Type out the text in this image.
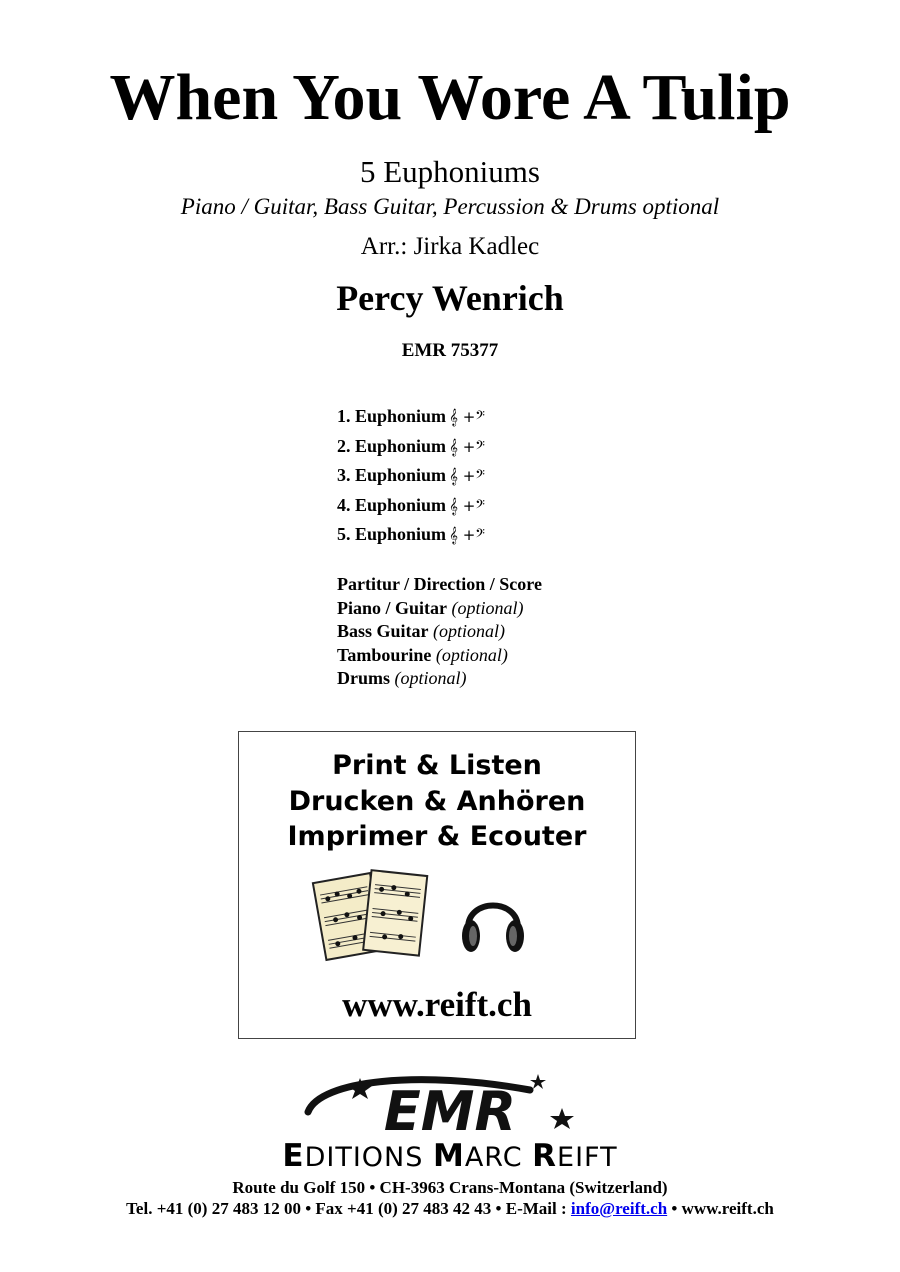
When You Wore A Tulip
5 Euphoniums
Piano / Guitar, Bass Guitar, Percussion & Drums optional
Arr.: Jirka Kadlec
Percy Wenrich
EMR 75377
1. Euphonium 𝄞 +𝄢
2. Euphonium 𝄞 +𝄢
3. Euphonium 𝄞 +𝄢
4. Euphonium 𝄞 +𝄢
5. Euphonium 𝄞 +𝄢
Partitur / Direction / Score
Piano / Guitar (optional)
Bass Guitar (optional)
Tambourine (optional)
Drums (optional)
Print & Listen
Drucken & Anhören
Imprimer & Ecouter
www.reift.ch
EMR
EDITIONS MARC REIFT
Route du Golf 150 • CH-3963 Crans-Montana (Switzerland)
Tel. +41 (0) 27 483 12 00 • Fax +41 (0) 27 483 42 43 • E-Mail : info@reift.ch • www.reift.ch
